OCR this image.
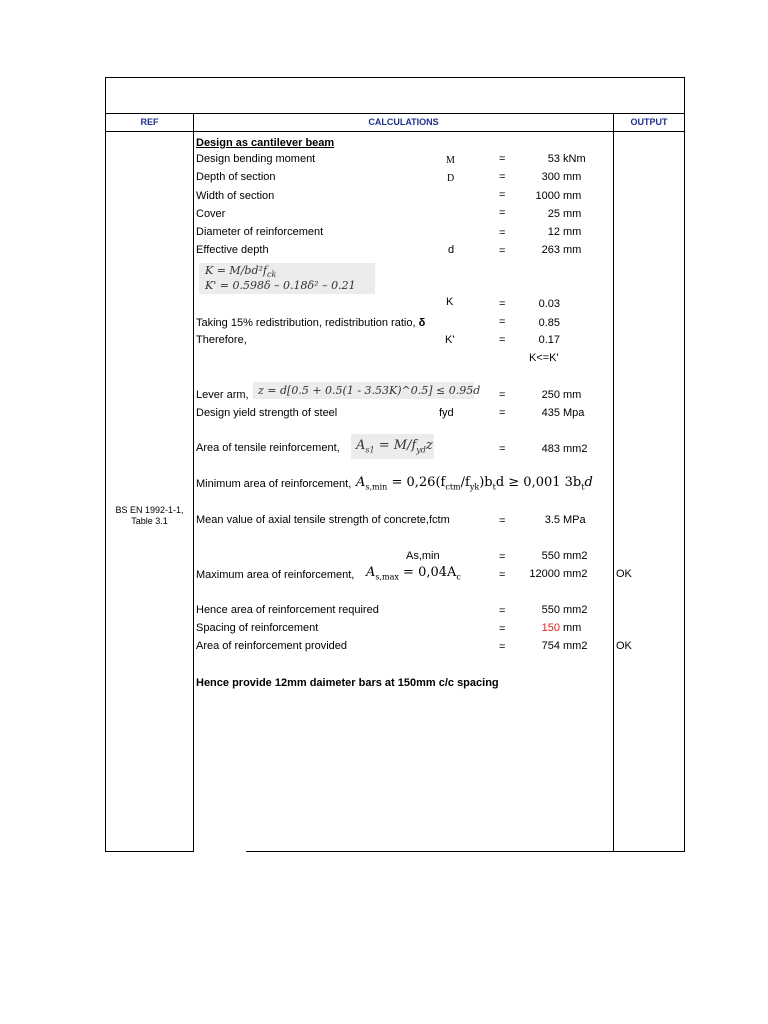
REF	CALCULATIONS	OUTPUT
BS EN 1992-1-1,
Table 3.1
Design as cantilever beam
Design bending moment	M	=	53 kNm
Depth of section	D	=	300 mm
Width of section	=	1000 mm
Cover	=	25 mm
Diameter of reinforcement	=	12 mm
Effective depth	d	=	263 mm
$K = M/bd^2f_{ck}$
K' = 0.598δ – 0.18δ² – 0.21
K	=	0.03
Taking 15% redistribution, redistribution ratio, δ	=	0.85
Therefore,	K'	=	0.17
K<=K'
Lever arm, z = d[0.5 + 0.5(1 - 3.53K)^0.5] ≤ 0.95d =	250 mm
Design yield strength of steel	fyd	=	435 Mpa
Area of tensile reinforcement, $A_{s1} = M/f_{yd}z$	=	483 mm2
Minimum area of reinforcement, $A_{s,min} = 0,26(f_{ctm}/f_{yk})b_td \ge 0,001$ $3b_td$
Mean value of axial tensile strength of concrete,fctm	=	3.5 MPa
As,min	=	550 mm2
Maximum area of reinforcement, $A_{s,max} = 0,04A_c$	=	12000 mm2	OK
Hence area of reinforcement required	=	550 mm2
Spacing of reinforcement	=	150 mm
Area of reinforcement provided	=	754 mm2	OK
Hence provide 12mm daimeter bars at 150mm c/c spacing
